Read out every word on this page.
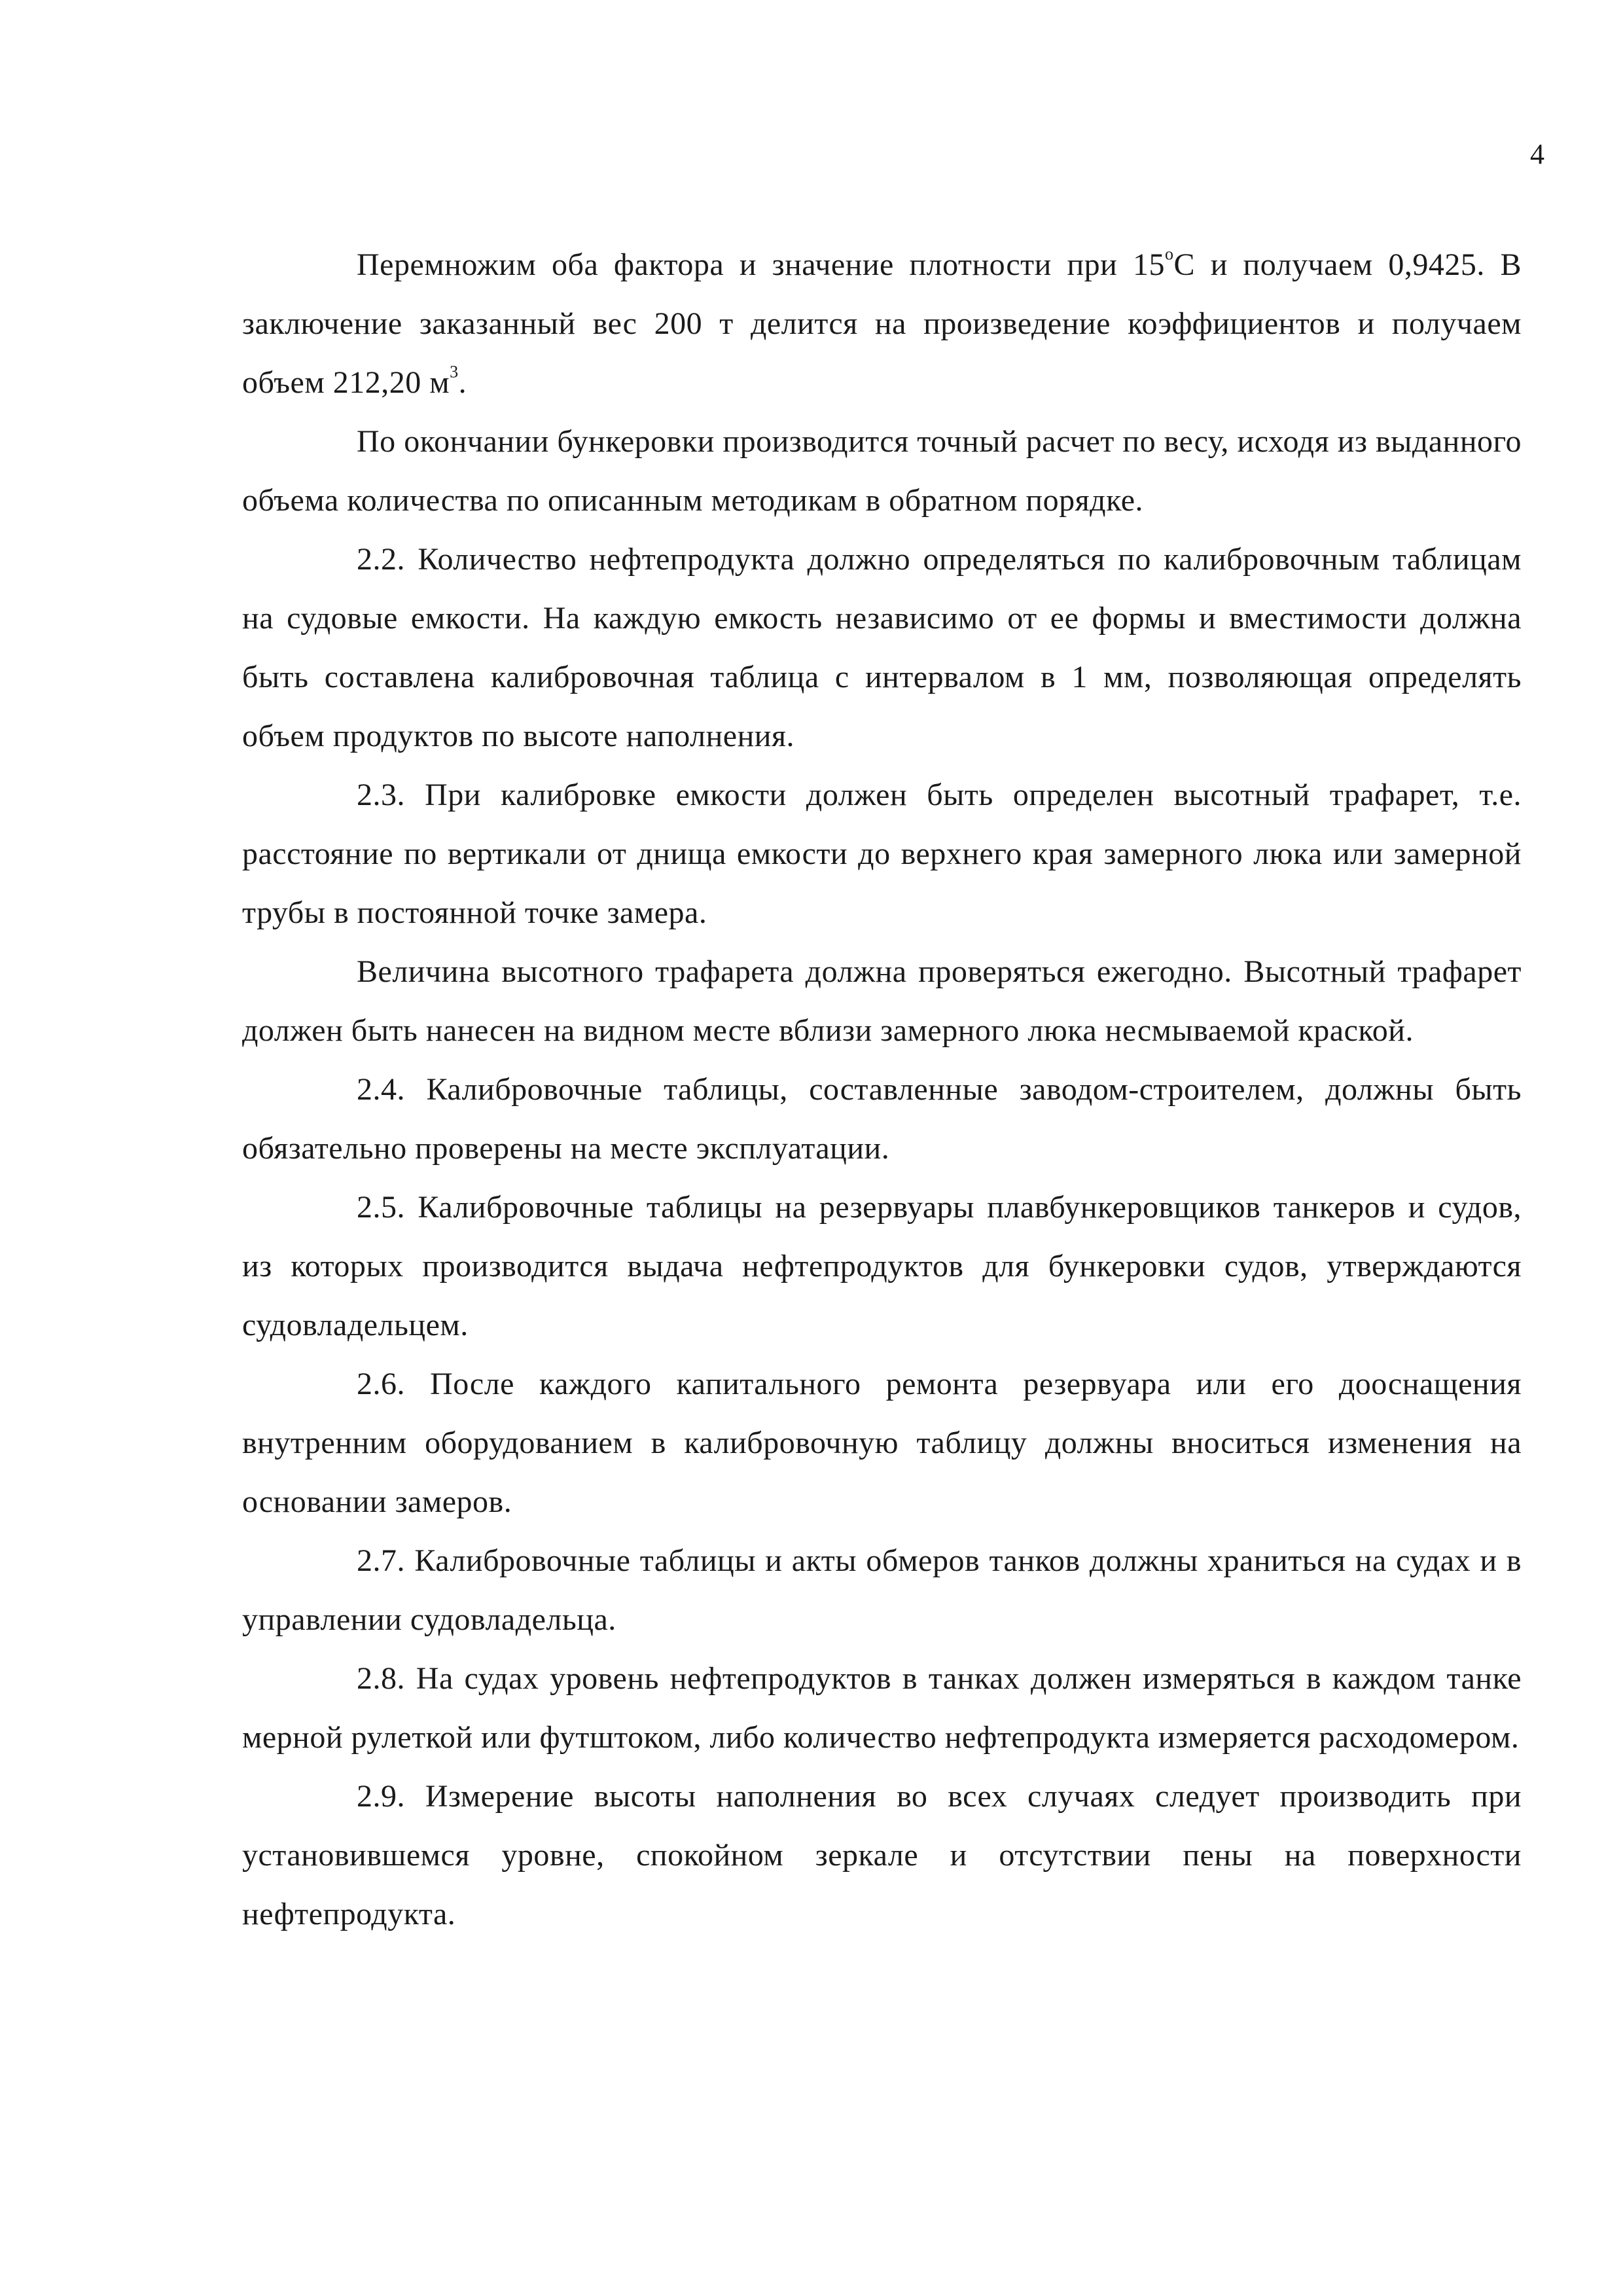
4

Перемножим оба фактора и значение плотности при $15^оС$ и получаем 0,9425. В заключение заказанный вес 200 т делится на произведение коэффициентов и получаем объем 212,20 $м^3$.

По окончании бункеровки производится точный расчет по весу, исходя из выданного объема количества по описанным методикам в обратном порядке.

2.2. Количество нефтепродукта должно определяться по калибровочным таблицам на судовые емкости. На каждую емкость независимо от ее формы и вместимости должна быть составлена калибровочная таблица с интервалом в 1 мм, позволяющая определять объем продуктов по высоте наполнения.

2.3. При калибровке емкости должен быть определен высотный трафарет, т.е. расстояние по вертикали от днища емкости до верхнего края замерного люка или замерной трубы в постоянной точке замера.

Величина высотного трафарета должна проверяться ежегодно. Высотный трафарет должен быть нанесен на видном месте вблизи замерного люка несмываемой краской.

2.4. Калибровочные таблицы, составленные заводом-строителем, должны быть обязательно проверены на месте эксплуатации.

2.5. Калибровочные таблицы на резервуары плавбункеровщиков танкеров и судов, из которых производится выдача нефтепродуктов для бункеровки судов, утверждаются судовладельцем.

2.6. После каждого капитального ремонта резервуара или его дооснащения внутренним оборудованием в калибровочную таблицу должны вноситься изменения на основании замеров.

2.7. Калибровочные таблицы и акты обмеров танков должны храниться на судах и в управлении судовладельца.

2.8. На судах уровень нефтепродуктов в танках должен измеряться в каждом танке мерной рулеткой или футштоком, либо количество нефтепродукта измеряется расходомером.

2.9. Измерение высоты наполнения во всех случаях следует производить при установившемся уровне, спокойном зеркале и отсутствии пены на поверхности нефтепродукта.
